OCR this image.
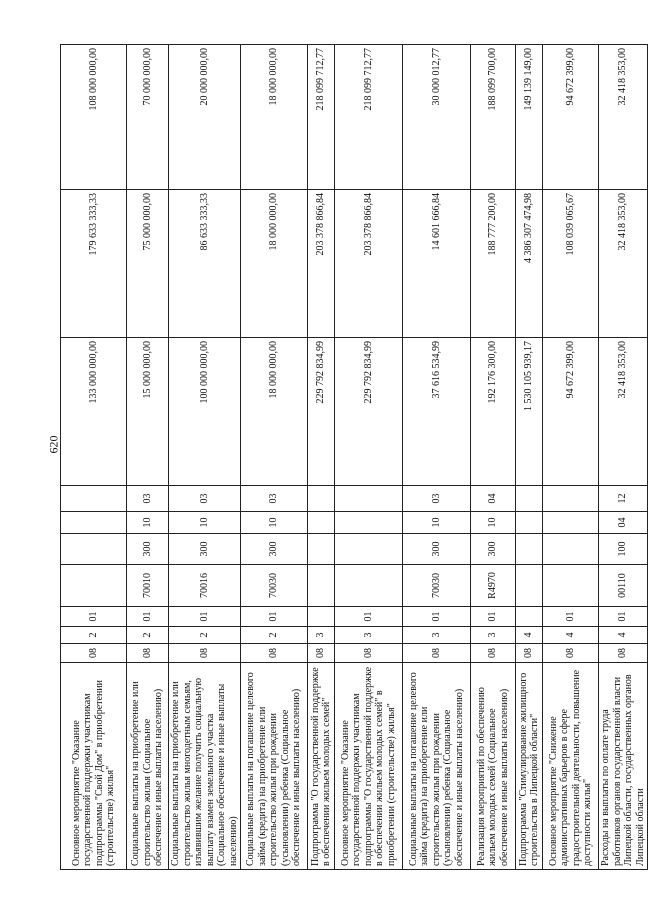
620
Основное мероприятие "Оказание государственной поддержки участникам подпрограммы "Свой Дом" в приобретении (строительстве) жилья"	08	2	01					133 000 000,00	179 633 333,33	108 000 000,00
Социальные выплаты на приобретение или строительство жилья (Социальное обеспечение и иные выплаты населению)	08	2	01	70010	300	10	03	15 000 000,00	75 000 000,00	70 000 000,00
Социальные выплаты на приобретение или строительство жилья многодетным семьям, изъявившим желание получить социальную выплату взамен земельного участка (Социальное обеспечение и иные выплаты населению)	08	2	01	70016	300	10	03	100 000 000,00	86 633 333,33	20 000 000,00
Социальные выплаты на погашение целевого займа (кредита) на приобретение или строительство жилья при рождении (усыновлении) ребенка (Социальное обеспечение и иные выплаты населению)	08	2	01	70030	300	10	03	18 000 000,00	18 000 000,00	18 000 000,00
Подпрограмма "О государственной поддержке в обеспечении жильем молодых семей"	08	3						229 792 834,99	203 378 866,84	218 099 712,77
Основное мероприятие "Оказание государственной поддержки участникам подпрограммы "О государственной поддержке в обеспечении жильем молодых семей" в приобретении (строительстве) жилья"	08	3	01					229 792 834,99	203 378 866,84	218 099 712,77
Социальные выплаты на погашение целевого займа (кредита) на приобретение или строительство жилья при рождении (усыновлении) ребенка (Социальное обеспечение и иные выплаты населению)	08	3	01	70030	300	10	03	37 616 534,99	14 601 666,84	30 000 012,77
Реализация мероприятий по обеспечению жильем молодых семей (Социальное обеспечение и иные выплаты населению)	08	3	01	R4970	300	10	04	192 176 300,00	188 777 200,00	188 099 700,00
Подпрограмма "Стимулирование жилищного строительства в Липецкой области"	08	4						1 530 105 939,17	4 386 307 474,98	149 139 149,00
Основное мероприятие "Снижение административных барьеров в сфере градостроительной деятельности, повышение доступности жилья"	08	4	01					94 672 399,00	108 039 065,67	94 672 399,00
Расходы на выплаты по оплате труда работников органов государственной власти Липецкой области, государственных органов Липецкой области	08	4	01	00110	100	04	12	32 418 353,00	32 418 353,00	32 418 353,00
